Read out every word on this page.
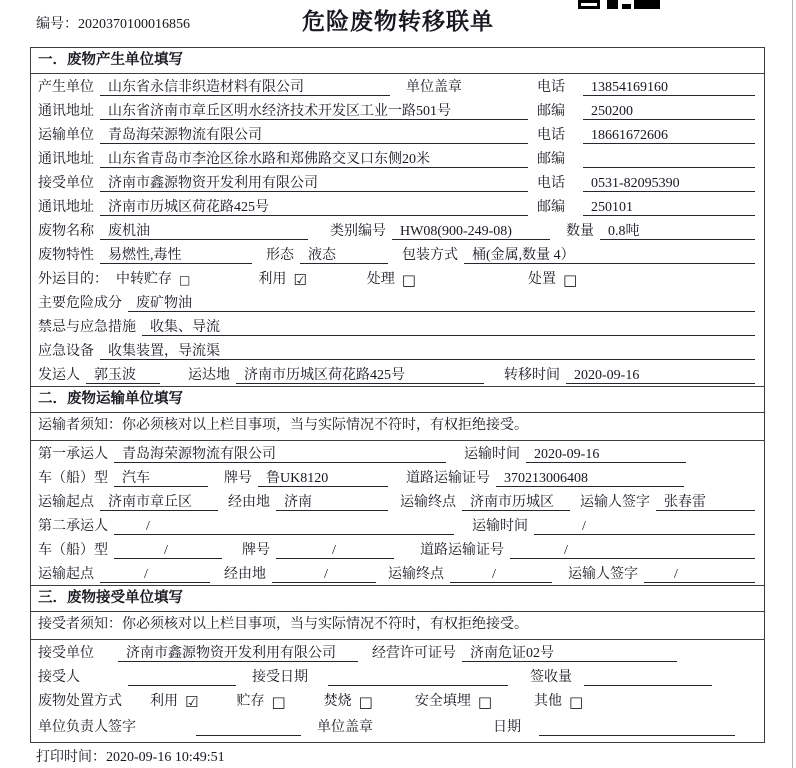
编号：2020370100016856	危险废物转移联单
一．废物产生单位填写
产生单位	山东省永信非织造材料有限公司	单位盖章	电话	13854169160
通讯地址	山东省济南市章丘区明水经济技术开发区工业一路501号	邮编	250200
运输单位	青岛海荣源物流有限公司	电话	18661672606
通讯地址	山东省青岛市李沧区徐水路和郑佛路交叉口东侧20米	邮编
接受单位	济南市鑫源物资开发利用有限公司	电话	0531-82095390
通讯地址	济南市历城区荷花路425号	邮编	250101
废物名称	废机油	类别编号	HW08(900-249-08)	数量	0.8吨
废物特性	易燃性,毒性	形态	液态	包装方式	桶(金属,数量 4）
外运目的： 中转贮存 □	利用 ☑	处理 □	处置 □
主要危险成分	废矿物油
禁忌与应急措施	收集、导流
应急设备	收集装置，导流渠
发运人	郭玉波	运达地	济南市历城区荷花路425号	转移时间	2020-09-16
二．废物运输单位填写
运输者须知：你必须核对以上栏目事项，当与实际情况不符时，有权拒绝接受。
第一承运人	青岛海荣源物流有限公司	运输时间	2020-09-16
车（船）型	汽车	牌号	鲁UK8120	道路运输证号	370213006408
运输起点	济南市章丘区	经由地	济南	运输终点	济南市历城区	运输人签字	张春雷
第二承运人	/	运输时间	/
车（船）型	/	牌号	/	道路运输证号	/
运输起点	/	经由地	/	运输终点	/	运输人签字	/
三．废物接受单位填写
接受者须知：你必须核对以上栏目事项，当与实际情况不符时，有权拒绝接受。
接受单位	济南市鑫源物资开发利用有限公司	经营许可证号	济南危证02号
接受人	接受日期	签收量
废物处置方式 利用 ☑	贮存 □	焚烧 □	安全填埋 □	其他 □
单位负责人签字	单位盖章	日期
打印时间：2020-09-16 10:49:51
